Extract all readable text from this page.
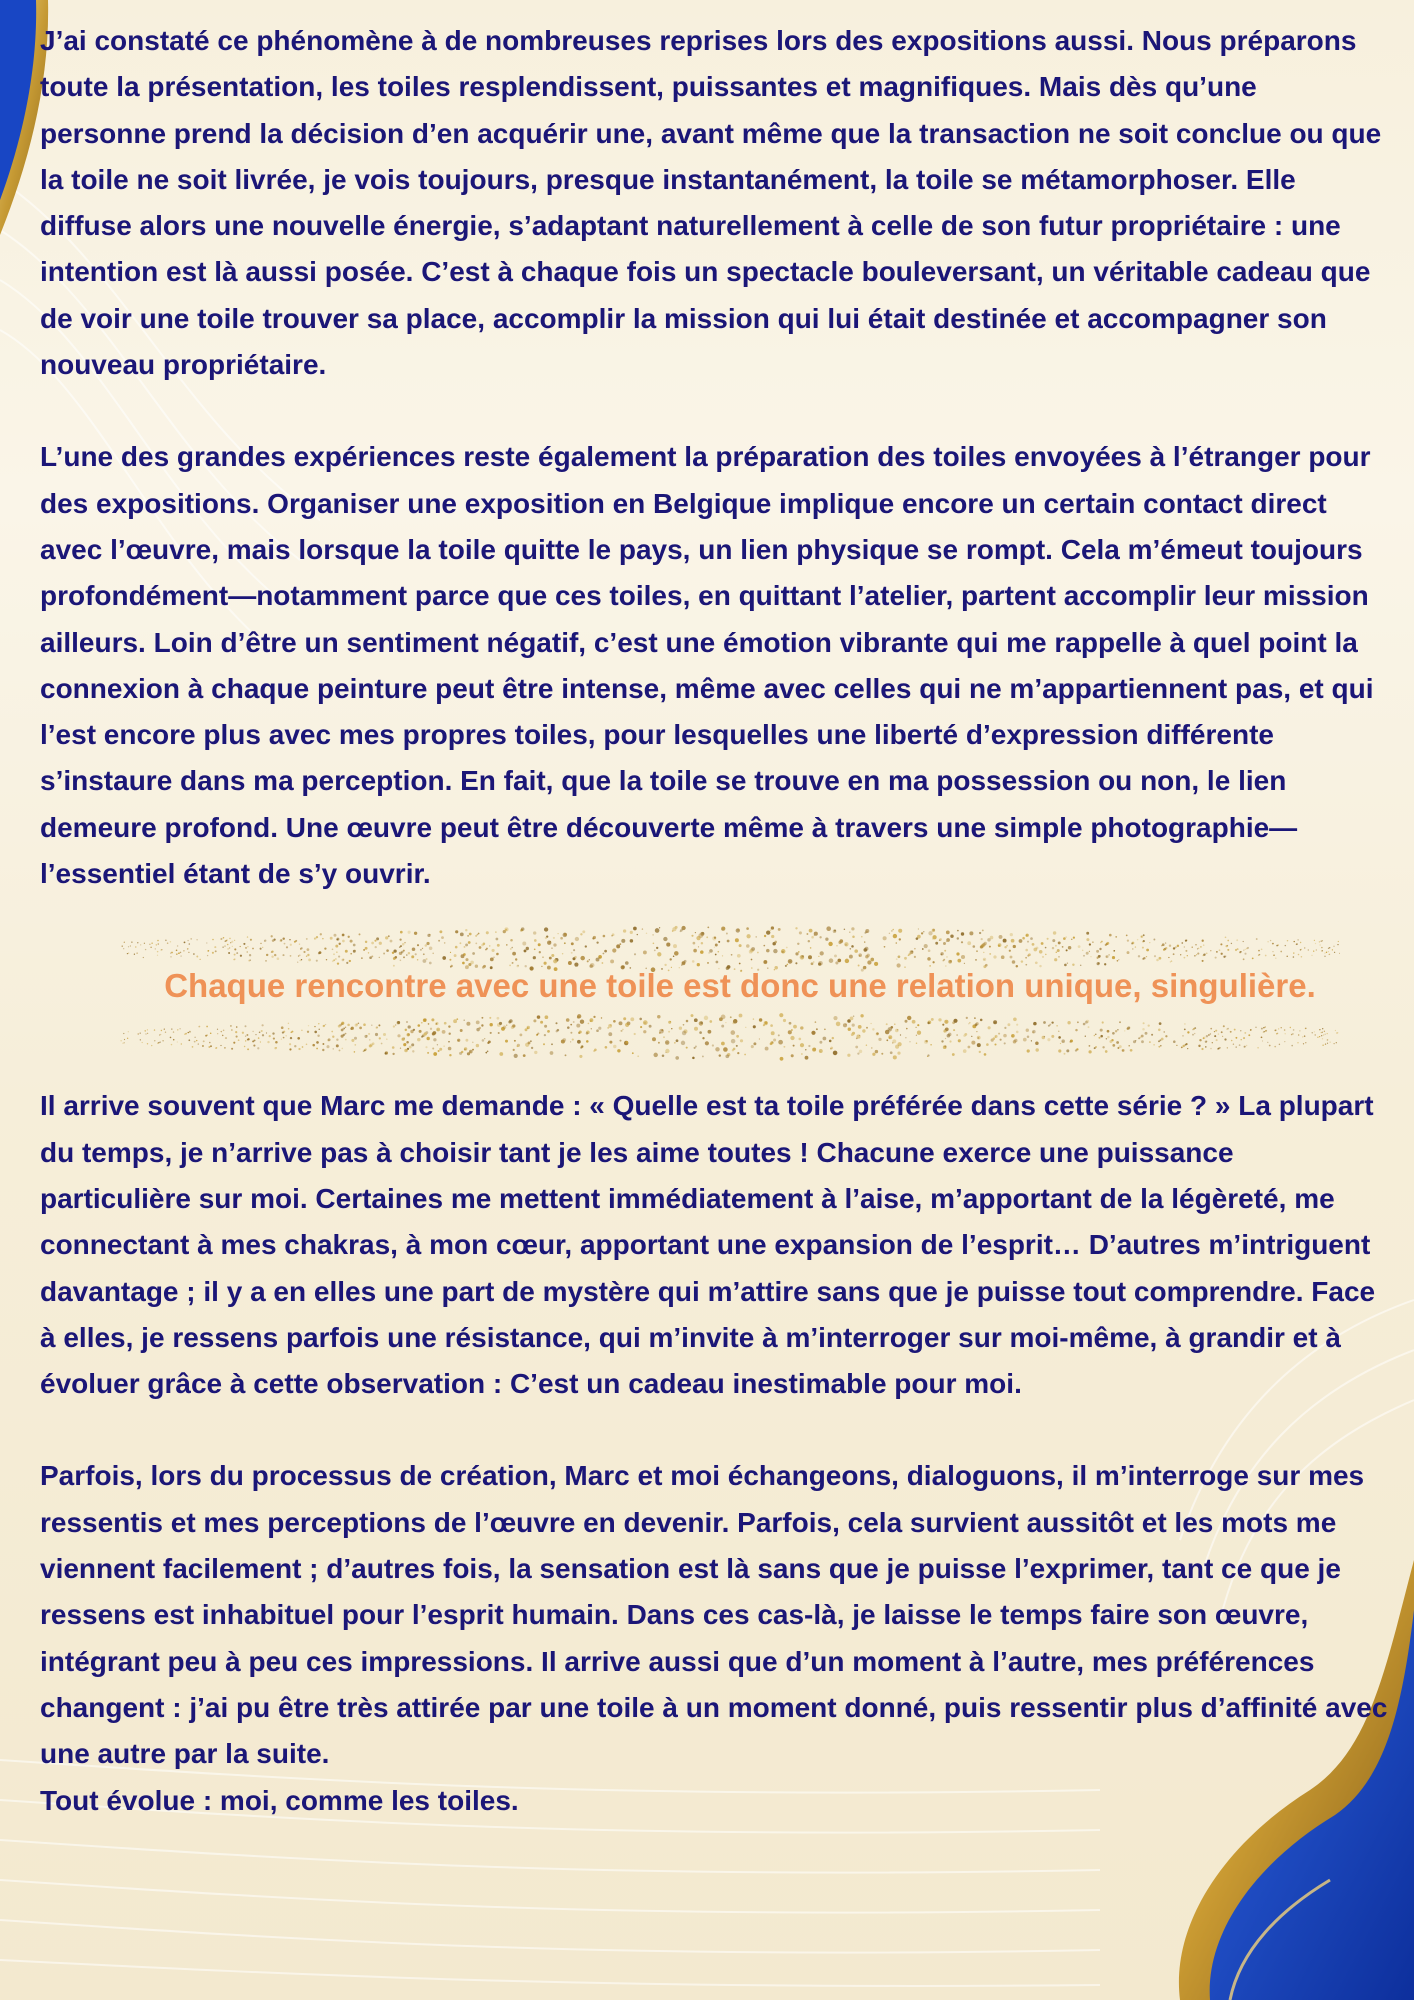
J’ai constaté ce phénomène à de nombreuses reprises lors des expositions aussi. Nous préparons toute la présentation, les toiles resplendissent, puissantes et magnifiques. Mais dès qu’une personne prend la décision d’en acquérir une, avant même que la transaction ne soit conclue ou que la toile ne soit livrée, je vois toujours, presque instantanément, la toile se métamorphoser. Elle diffuse alors une nouvelle énergie, s’adaptant naturellement à celle de son futur propriétaire : une intention est là aussi posée. C’est à chaque fois un spectacle bouleversant, un véritable cadeau que de voir une toile trouver sa place, accomplir la mission qui lui était destinée et accompagner son nouveau propriétaire.

L’une des grandes expériences reste également la préparation des toiles envoyées à l’étranger pour des expositions. Organiser une exposition en Belgique implique encore un certain contact direct avec l’œuvre, mais lorsque la toile quitte le pays, un lien physique se rompt. Cela m’émeut toujours profondément—notamment parce que ces toiles, en quittant l’atelier, partent accomplir leur mission ailleurs. Loin d’être un sentiment négatif, c’est une émotion vibrante qui me rappelle à quel point la connexion à chaque peinture peut être intense, même avec celles qui ne m’appartiennent pas, et qui l’est encore plus avec mes propres toiles, pour lesquelles une liberté d’expression différente s’instaure dans ma perception. En fait, que la toile se trouve en ma possession ou non, le lien demeure profond. Une œuvre peut être découverte même à travers une simple photographie—l’essentiel étant de s’y ouvrir.

Chaque rencontre avec une toile est donc une relation unique, singulière.

Il arrive souvent que Marc me demande : « Quelle est ta toile préférée dans cette série ? » La plupart du temps, je n’arrive pas à choisir tant je les aime toutes ! Chacune exerce une puissance particulière sur moi. Certaines me mettent immédiatement à l’aise, m’apportant de la légèreté, me connectant à mes chakras, à mon cœur, apportant une expansion de l’esprit… D’autres m’intriguent davantage ; il y a en elles une part de mystère qui m’attire sans que je puisse tout comprendre. Face à elles, je ressens parfois une résistance, qui m’invite à m’interroger sur moi-même, à grandir et à évoluer grâce à cette observation : C’est un cadeau inestimable pour moi.

Parfois, lors du processus de création, Marc et moi échangeons, dialoguons, il m’interroge sur mes ressentis et mes perceptions de l’œuvre en devenir. Parfois, cela survient aussitôt et les mots me viennent facilement ; d’autres fois, la sensation est là sans que je puisse l’exprimer, tant ce que je ressens est inhabituel pour l’esprit humain. Dans ces cas-là, je laisse le temps faire son œuvre, intégrant peu à peu ces impressions. Il arrive aussi que d’un moment à l’autre, mes préférences changent : j’ai pu être très attirée par une toile à un moment donné, puis ressentir plus d’affinité avec une autre par la suite.

Tout évolue : moi, comme les toiles.
